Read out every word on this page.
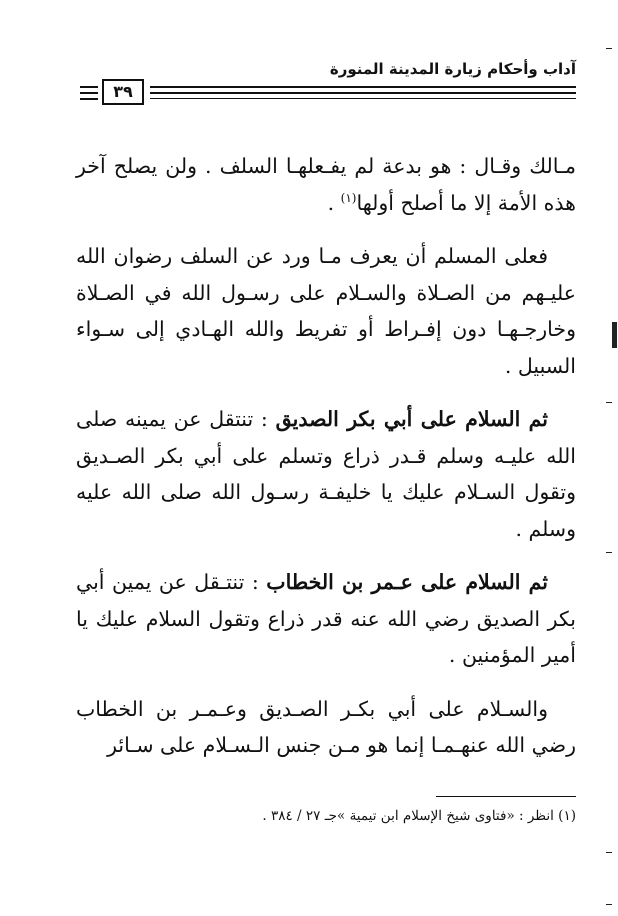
آداب وأحكام زيارة المدينة المنورة
٣٩

مـالك وقـال : هو بدعة لم يفـعلهـا السلف . ولن يصلح آخر هذه الأمة إلا ما أصلح أولها$^{(١)}$ .

فعلى المسلم أن يعرف مـا ورد عن السلف رضوان الله عليـهم من الصـلاة والسـلام على رسـول الله في الصـلاة وخارجـهـا دون إفـراط أو تفريط والله الهـادي إلى سـواء السبيل .

ثم السلام على أبي بكر الصديق : تنتقل عن يمينه صلى الله عليـه وسلم قـدر ذراع وتسلم على أبي بكر الصـديق وتقول السـلام عليك يا خليفـة رسـول الله صلى الله عليه وسلم .

ثم السلام على عـمر بن الخطاب : تنتـقل عن يمين أبي بكر الصديق رضي الله عنه قدر ذراع وتقول السلام عليك يا أمير المؤمنين .

والسـلام على أبي بكـر الصـديق وعـمـر بن الخطاب رضي الله عنهـمـا إنما هو مـن جنس الـسـلام على سـائر

(١) انظر : «فتاوى شيخ الإسلام ابن تيمية »جـ ٢٧ / ٣٨٤ .
